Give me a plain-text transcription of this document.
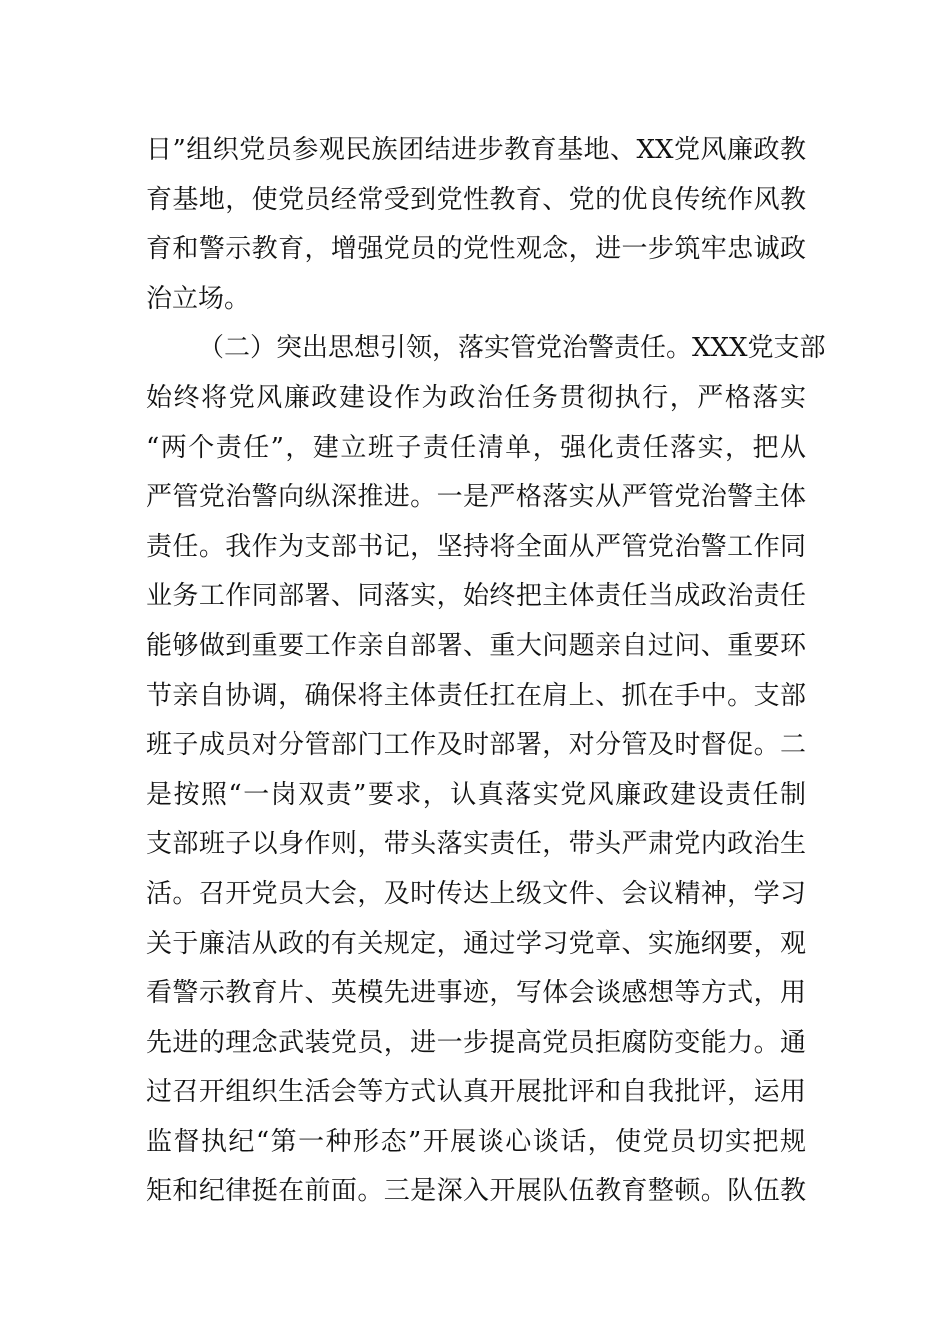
日”组织党员参观民族团结进步教育基地、XX党风廉政教
育基地，使党员经常受到党性教育、党的优良传统作风教
育和警示教育，增强党员的党性观念，进一步筑牢忠诚政
治立场。
（二）突出思想引领，落实管党治警责任。XXX党支部
始终将党风廉政建设作为政治任务贯彻执行，严格落实
“两个责任”，建立班子责任清单，强化责任落实，把从
严管党治警向纵深推进。一是严格落实从严管党治警主体
责任。我作为支部书记，坚持将全面从严管党治警工作同
业务工作同部署、同落实，始终把主体责任当成政治责任
能够做到重要工作亲自部署、重大问题亲自过问、重要环
节亲自协调，确保将主体责任扛在肩上、抓在手中。支部
班子成员对分管部门工作及时部署，对分管及时督促。二
是按照“一岗双责”要求，认真落实党风廉政建设责任制
支部班子以身作则，带头落实责任，带头严肃党内政治生
活。召开党员大会，及时传达上级文件、会议精神，学习
关于廉洁从政的有关规定，通过学习党章、实施纲要，观
看警示教育片、英模先进事迹，写体会谈感想等方式，用
先进的理念武装党员，进一步提高党员拒腐防变能力。通
过召开组织生活会等方式认真开展批评和自我批评，运用
监督执纪“第一种形态”开展谈心谈话，使党员切实把规
矩和纪律挺在前面。三是深入开展队伍教育整顿。队伍教
